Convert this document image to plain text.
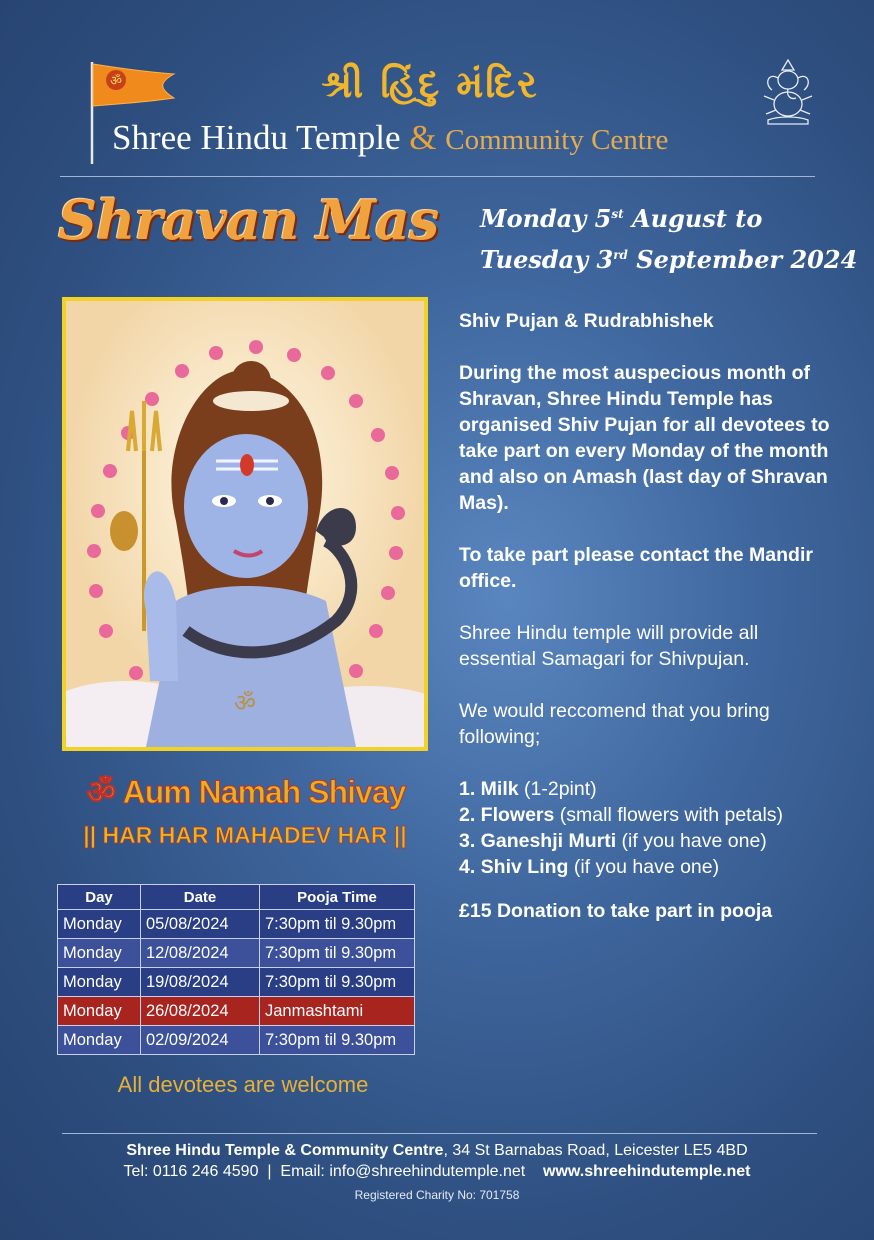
ॐ	શ્રી હિંદુ મંદિર
Shree Hindu Temple & Community Centre
Shravan Mas Monday 5st August to
Tuesday 3rd September 2024
ॐ
ॐ Aum Namah Shivay
|| HAR HAR MAHADEV HAR ||
Day	Date	Pooja Time
Monday	05/08/2024	7:30pm til 9.30pm
Monday	12/08/2024	7:30pm til 9.30pm
Monday	19/08/2024	7:30pm til 9.30pm
Monday	26/08/2024	Janmashtami
Monday	02/09/2024	7:30pm til 9.30pm
All devotees are welcome

Shiv Pujan & Rudrabhishek

During the most auspecious month of Shravan, Shree Hindu Temple has organised Shiv Pujan for all devotees to take part on every Monday of the month and also on Amash (last day of Shravan Mas).

To take part please contact the Mandir office.

Shree Hindu temple will provide all essential Samagari for Shivpujan.

We would reccomend that you bring following;

1. Milk (1-2pint)
2. Flowers (small flowers with petals)
3. Ganeshji Murti (if you have one)
4. Shiv Ling (if you have one)

£15 Donation to take part in pooja

Shree Hindu Temple & Community Centre, 34 St Barnabas Road, Leicester LE5 4BD
Tel: 0116 246 4590  |  Email: info@shreehindutemple.net www.shreehindutemple.net
Registered Charity No: 701758
